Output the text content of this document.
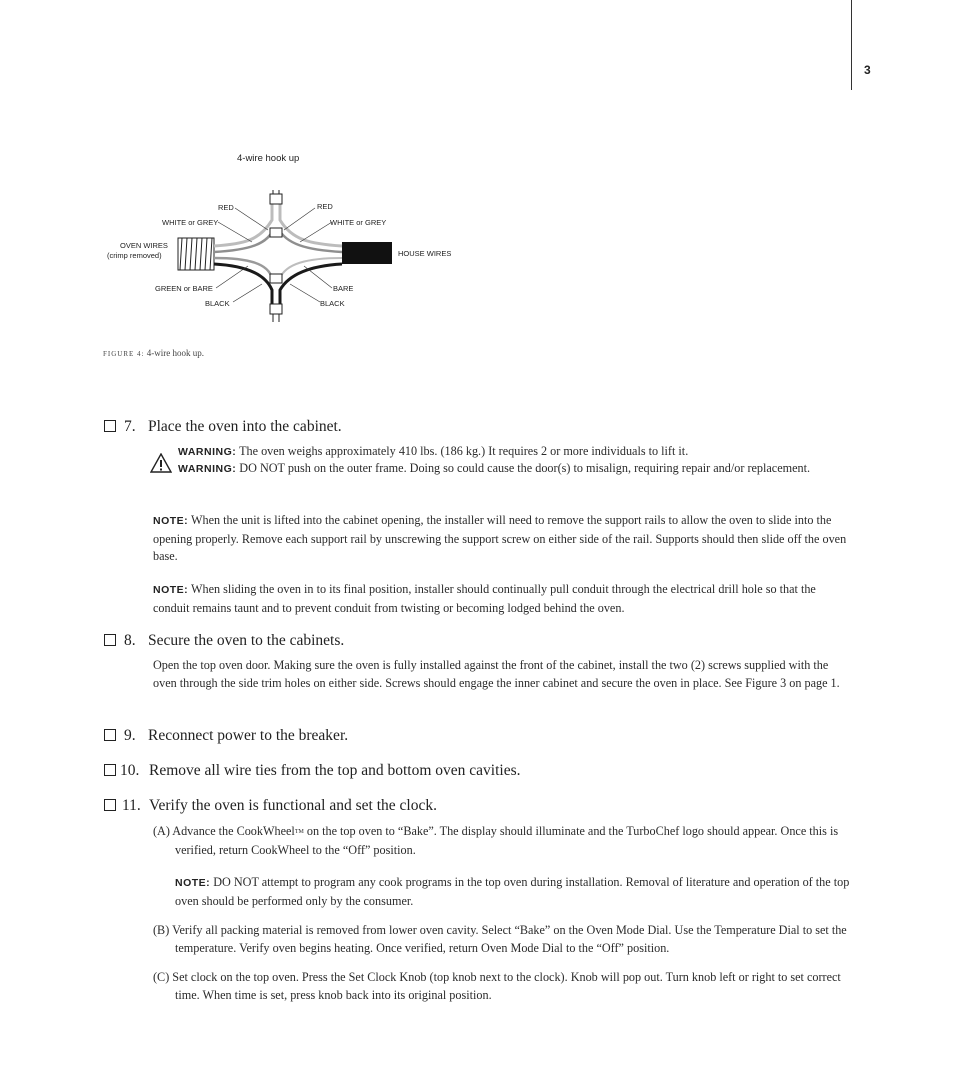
3
4-wire hook up
RED	RED
WHITE or GREY	WHITE or GREY
OVEN WIRES
(crimp removed)	HOUSE WIRES
GREEN or BARE	BARE
BLACK	BLACK
FIGURE 4: 4-wire hook up.
7. Place the oven into the cabinet.
WARNING: The oven weighs approximately 410 lbs. (186 kg.) It requires 2 or more individuals to lift it.
WARNING: DO NOT push on the outer frame. Doing so could cause the door(s) to misalign, requiring repair and/or replacement.
NOTE: When the unit is lifted into the cabinet opening, the installer will need to remove the support rails to allow the oven to slide into the opening properly. Remove each support rail by unscrewing the support screw on either side of the rail. Supports should then slide off the oven base.
NOTE: When sliding the oven in to its final position, installer should continually pull conduit through the electrical drill hole so that the conduit remains taunt and to prevent conduit from twisting or becoming lodged behind the oven.
8. Secure the oven to the cabinets.
Open the top oven door. Making sure the oven is fully installed against the front of the cabinet, install the two (2) screws supplied with the oven through the side trim holes on either side. Screws should engage the inner cabinet and secure the oven in place. See Figure 3 on page 1.
9. Reconnect power to the breaker.
10. Remove all wire ties from the top and bottom oven cavities.
11. Verify the oven is functional and set the clock.
(A) Advance the CookWheel™ on the top oven to “Bake”. The display should illuminate and the TurboChef logo should appear. Once this is verified, return CookWheel to the “Off” position.
NOTE: DO NOT attempt to program any cook programs in the top oven during installation. Removal of literature and operation of the top oven should be performed only by the consumer.
(B) Verify all packing material is removed from lower oven cavity. Select “Bake” on the Oven Mode Dial. Use the Temperature Dial to set the temperature. Verify oven begins heating. Once verified, return Oven Mode Dial to the “Off” position.
(C) Set clock on the top oven. Press the Set Clock Knob (top knob next to the clock). Knob will pop out. Turn knob left or right to set correct time. When time is set, press knob back into its original position.
